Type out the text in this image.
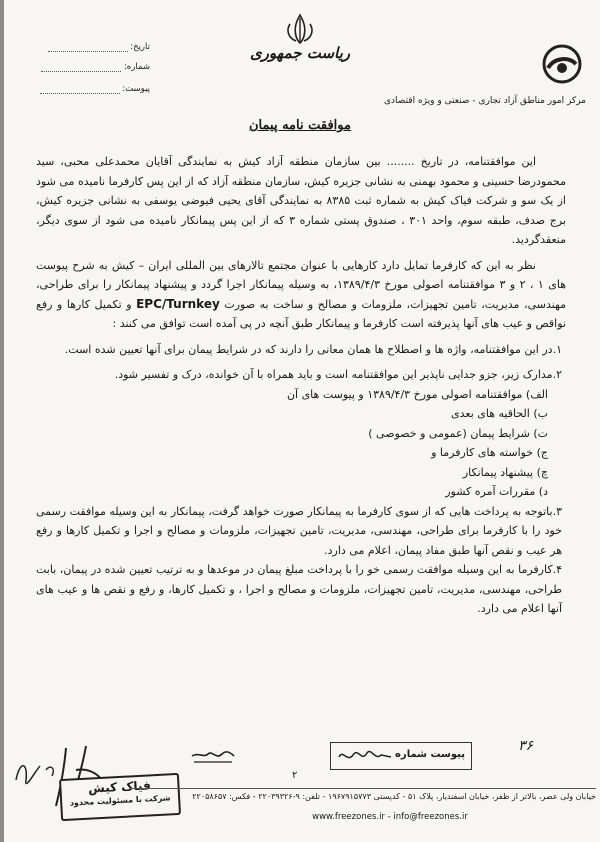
ریاست جمهوری
مرکز امور مناطق آزاد تجاری - صنعتی و ویژه اقتصادی
تاریخ:
شماره:
پیوست:
موافقت نامه پیمان

این موافقتنامه، در تاریخ ........ بین سازمان منطقه آزاد کیش به نمایندگی آقایان محمدعلی محبی، سید محمودرضا حسینی و محمود بهمنی به نشانی جزیره کیش، سازمان منطقه آزاد که از این پس کارفرما نامیده می شود از یک سو و شرکت فیاک کیش به شماره ثبت ۸۳۸۵ به نمایندگی آقای یحیی فیوضی یوسفی به نشانی جزیره کیش، برج صدف، طبقه سوم، واحد ۳۰۱ ، صندوق پستی شماره ۳ که از این پس پیمانکار نامیده می شود از سوی دیگر، منعقدگردید.

نظر به این که کارفرما تمایل دارد کارهایی با عنوان مجتمع تالارهای بین المللی ایران – کیش به شرح پیوست های ۱ ، ۲ و ۳ موافقتنامه اصولی مورخ ۱۳۸۹/۴/۳، به وسیله پیمانکار اجرا گردد و پیشنهاد پیمانکار را برای طراحی، مهندسی، مدیریت، تامین تجهیزات، ملزومات و مصالح و ساخت به صورت EPC/Turnkey و تکمیل کارها و رفع نواقص و عیب های آنها پذیرفته است کارفرما و پیمانکار طبق آنچه در پی آمده است توافق می کنند :

۱.در این موافقتنامه، واژه ها و اصطلاح ها همان معانی را دارند که در شرایط پیمان برای آنها تعیین شده است.

۲.مدارک زیر، جزو جدایی ناپذیر این موافقتنامه است و باید همراه با آن خوانده، درک و تفسیر شود.

الف) موافقتنامه اصولی مورخ ۱۳۸۹/۴/۳ و پیوست های آن

ب) الحاقیه های بعدی

ت) شرایط پیمان (عمومی و خصوصی )

ج) خواسته های کارفرما و

چ) پیشنهاد پیمانکار

د) مقررات آمره کشور

۳.باتوجه به پرداخت هایی که از سوی کارفرما به پیمانکار صورت خواهد گرفت، پیمانکار به این وسیله موافقت رسمی خود را با کارفرما برای طراحی، مهندسی، مدیریت، تامین تجهیزات، ملزومات و مصالح و اجرا و تکمیل کارها و رفع هر عیب و نقص آنها طبق مفاد پیمان، اعلام می دارد.

۴.کارفرما به این وسیله موافقت رسمی خو را با پرداخت مبلغ پیمان در موعدها و به ترتیب تعیین شده در پیمان، بابت طراحی، مهندسی، مدیریت، تامین تجهیزات، ملزومات و مصالح و اجرا ، و تکمیل کارها، و رفع و نقص ها و عیب های آنها اعلام می دارد.

فیاک کیش
شرکت با مسئولیت محدود
۲
پیوست شماره
۳۶
خیابان ولی عصر، بالاتر از ظفر، خیابان اسفندیار، پلاک ۵۱ - کدپستی ۱۹۶۷۹۱۵۷۷۳ - تلفن: ۹-۲۲۰۳۹۳۲۶ - فکس: ۲۲۰۵۸۶۵۷
www.freezones.ir - info@freezones.ir
